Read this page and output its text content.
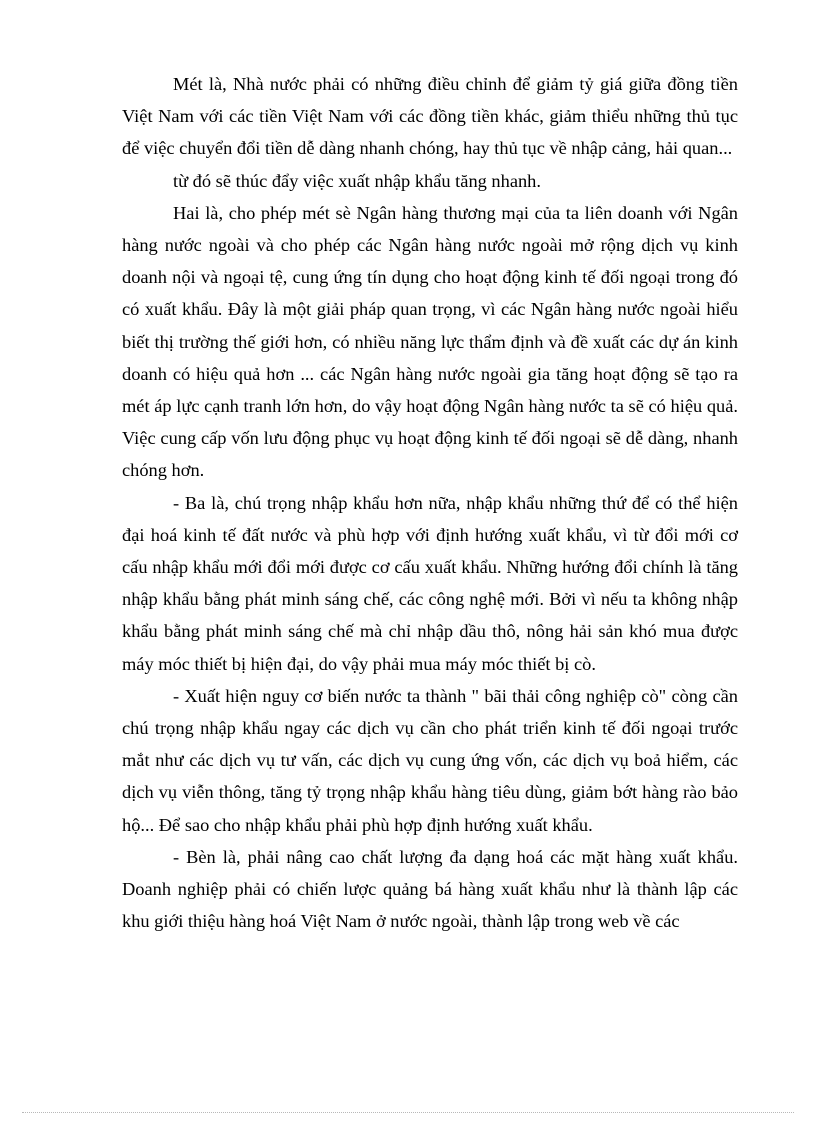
Mét là, Nhà nước phải có những điều chỉnh để giảm tỷ giá giữa đồng tiền Việt Nam với các tiền Việt Nam với các đồng tiền khác, giảm thiểu những thủ tục để việc chuyển đổi tiền dễ dàng nhanh chóng, hay thủ tục về nhập cảng, hải quan...

từ đó sẽ thúc đẩy việc xuất nhập khẩu tăng nhanh.

Hai là, cho phép mét sè Ngân hàng thương mại của ta liên doanh với Ngân hàng nước ngoài và cho phép các Ngân hàng nước ngoài mở rộng dịch vụ kinh doanh nội và ngoại tệ, cung ứng tín dụng cho hoạt động kinh tế đối ngoại trong đó có xuất khẩu. Đây là một giải pháp quan trọng, vì các Ngân hàng nước ngoài hiểu biết thị trường thế giới hơn, có nhiều năng lực thẩm định và đề xuất các dự án kinh doanh có hiệu quả hơn ... các Ngân hàng nước ngoài gia tăng hoạt động sẽ tạo ra mét áp lực cạnh tranh lớn hơn, do vậy hoạt động Ngân hàng nước ta sẽ có hiệu quả. Việc cung cấp vốn lưu động phục vụ hoạt động kinh tế đối ngoại sẽ dễ dàng, nhanh chóng hơn.

- Ba là, chú trọng nhập khẩu hơn nữa, nhập khẩu những thứ để có thể hiện đại hoá kinh tế đất nước và phù hợp với định hướng xuất khẩu, vì từ đổi mới cơ cấu nhập khẩu mới đổi mới được cơ cấu xuất khẩu. Những hướng đổi chính là tăng nhập khẩu bằng phát minh sáng chế, các công nghệ mới. Bởi vì nếu ta không nhập khẩu bằng phát minh sáng chế mà chỉ nhập dầu thô, nông hải sản khó mua được máy móc thiết bị hiện đại, do vậy phải mua máy móc thiết bị cò.

- Xuất hiện nguy cơ biến nước ta thành " bãi thải công nghiệp cò" còng cần chú trọng nhập khẩu ngay các dịch vụ cần cho phát triển kinh tế đối ngoại trước mắt như các dịch vụ tư vấn, các dịch vụ cung ứng vốn, các dịch vụ boả hiểm, các dịch vụ viễn thông, tăng tỷ trọng nhập khẩu hàng tiêu dùng, giảm bớt hàng rào bảo hộ... Để sao cho nhập khẩu phải phù hợp định hướng xuất khẩu.

- Bèn là, phải nâng cao chất lượng đa dạng hoá các mặt hàng xuất khẩu. Doanh nghiệp phải có chiến lược quảng bá hàng xuất khẩu như là thành lập các khu giới thiệu hàng hoá Việt Nam ở nước ngoài, thành lập trong web về các
